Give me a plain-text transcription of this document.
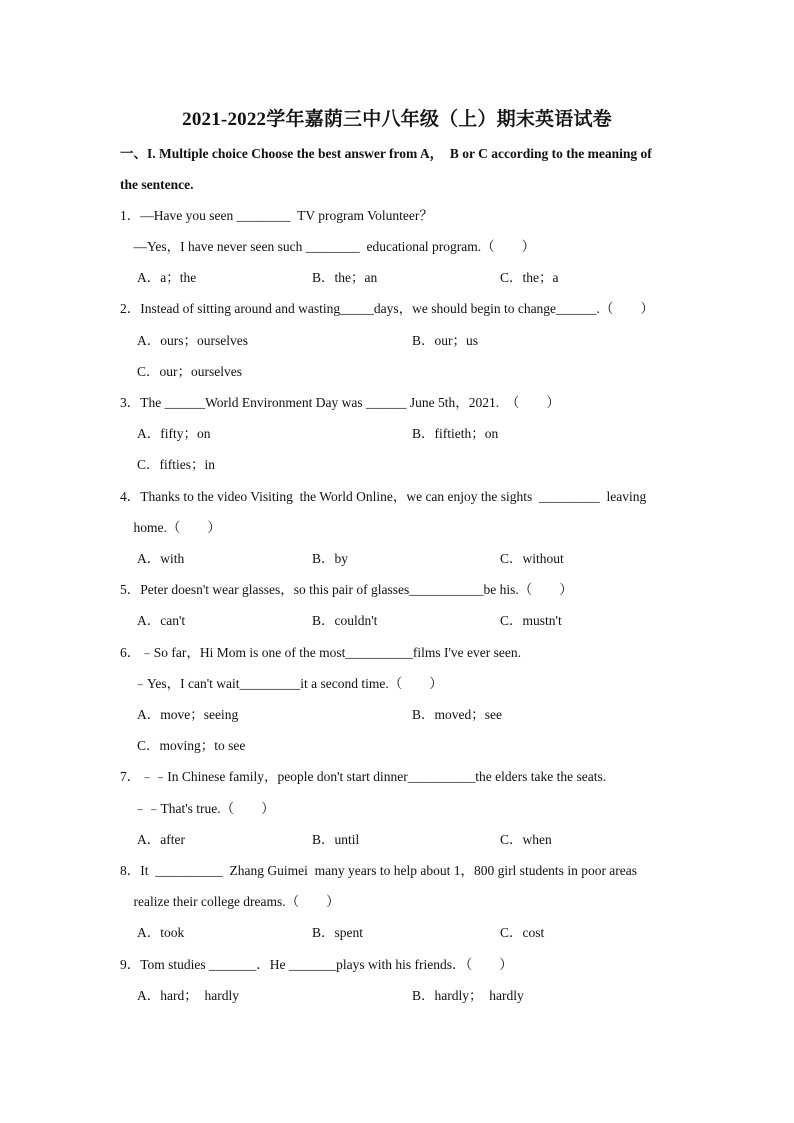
2021-2022学年嘉荫三中八年级（上）期末英语试卷
一、I. Multiple choice Choose the best answer from A，  B or C according to the meaning of
the sentence.
1．—Have you seen ________  TV program Volunteer？
—Yes，I have never seen such ________  educational program.（        ）
A．a；the	B．the；an	C．the；a
2．Instead of sitting around and wasting_____days，we should begin to change______.（        ）
A．ours；ourselves	B．our；us
C．our；ourselves
3．The ______World Environment Day was ______ June 5th，2021.  （        ）
A．fifty；on	B．fiftieth；on
C．fifties；in
4．Thanks to the video Visiting  the World Online，we can enjoy the sights  _________  leaving
home.（        ）
A．with	B．by	C．without
5．Peter doesn't wear glasses，so this pair of glasses___________be his.（        ）
A．can't	B．couldn't	C．mustn't
6．﹣So far，Hi Mom is one of the most__________films I've ever seen.
﹣Yes，I can't wait_________it a second time.（        ）
A．move；seeing	B．moved；see
C．moving；to see
7．﹣﹣In Chinese family，people don't start dinner__________the elders take the seats.
﹣﹣That's true.（        ）
A．after	B．until	C．when
8．It  __________  Zhang Guimei  many years to help about 1，800 girl students in poor areas
realize their college dreams.（        ）
A．took	B．spent	C．cost
9．Tom studies _______．He _______plays with his friends．（        ）
A．hard；  hardly	B．hardly；  hardly
